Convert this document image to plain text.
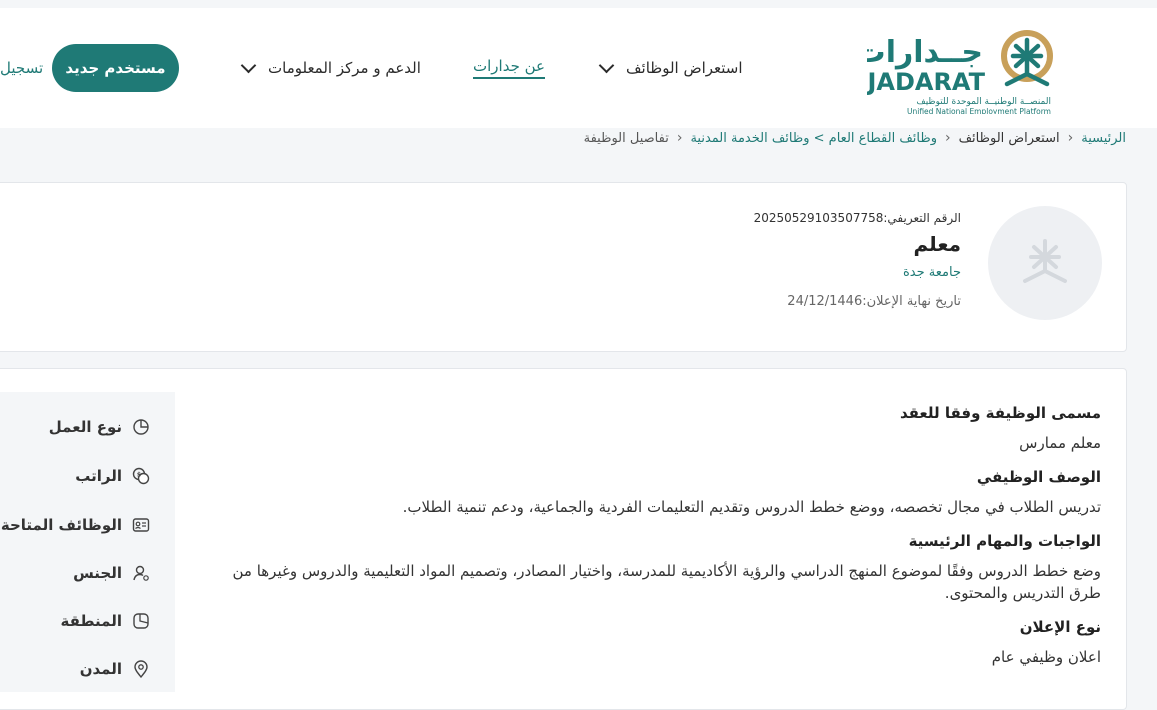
تسجيل	مستخدم جديد	الدعم و مركز المعلومات	عن جدارات	استعراض الوظائف	جــدارات
JADARAT
المنصــة الوطنيــة الموحدة للتوظيف
Unified National Employment Platform
الرئيسية
‹
استعراض الوظائف
‹
وظائف القطاع العام > وظائف الخدمة المدنية
‹
تفاصيل الوظيفة
الرقم التعريفي:20250529103507758
معلم
جامعة جدة
تاريخ نهاية الإعلان:24/12/1446
نوع العمل
$
الراتب
الوظائف المتاحة
الجنس
المنطقة
المدن
مسمى الوظيفة وفقا للعقد

معلم ممارس

الوصف الوظيفي

تدريس الطلاب في مجال تخصصه، ووضع خطط الدروس وتقديم التعليمات الفردية والجماعية، ودعم تنمية الطلاب.

الواجبات والمهام الرئيسية

وضع خطط الدروس وفقًا لموضوع المنهج الدراسي والرؤية الأكاديمية للمدرسة، واختيار المصادر، وتصميم المواد التعليمية والدروس وغيرها من طرق التدريس والمحتوى.

نوع الإعلان

اعلان وظيفي عام
